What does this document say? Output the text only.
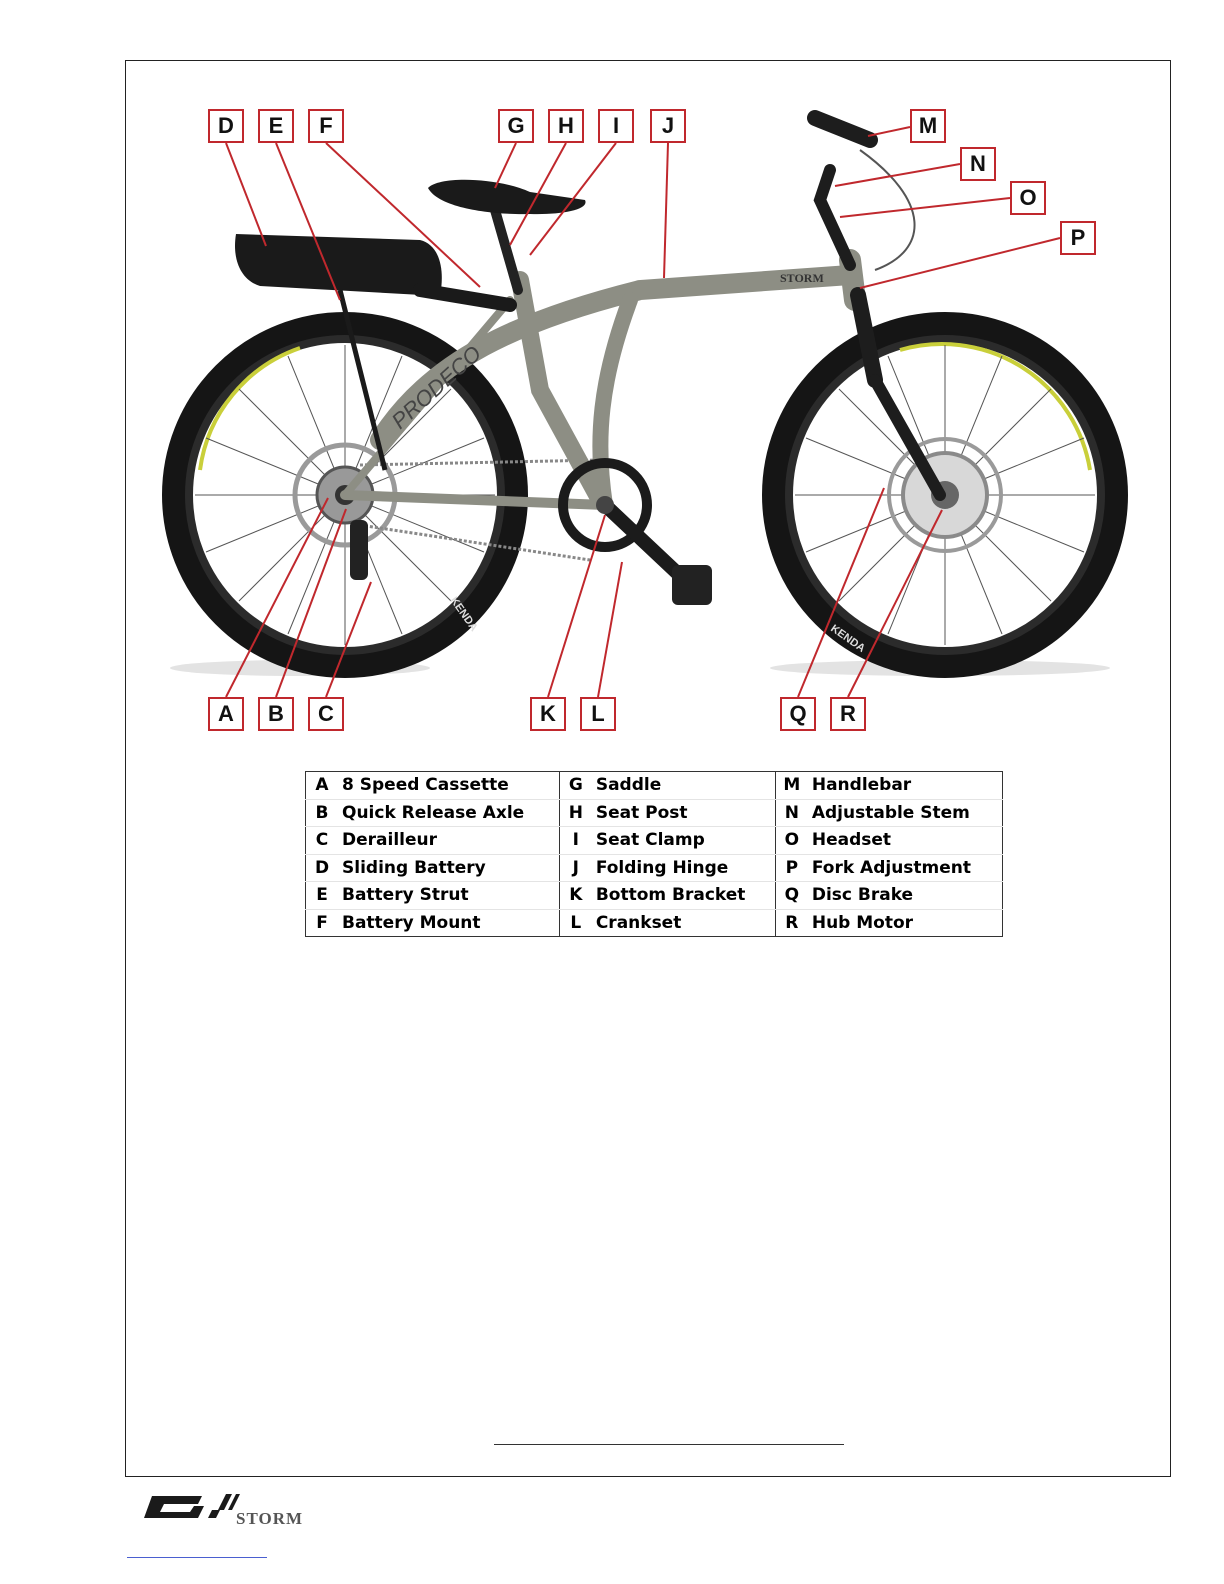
KENDA
KENDA
PRODECO
STORM
D	E	F	G	H	I	J	M
N
O
P
A	B	C	K	L	Q	R
A	8 Speed Cassette	G	Saddle	M	Handlebar
B	Quick Release Axle	H	Seat Post	N	Adjustable Stem
C	Derailleur	I	Seat Clamp	O	Headset
D	Sliding Battery	J	Folding Hinge	P	Fork Adjustment
E	Battery Strut	K	Bottom Bracket	Q	Disc Brake
F	Battery Mount	L	Crankset	R	Hub Motor
STORM
